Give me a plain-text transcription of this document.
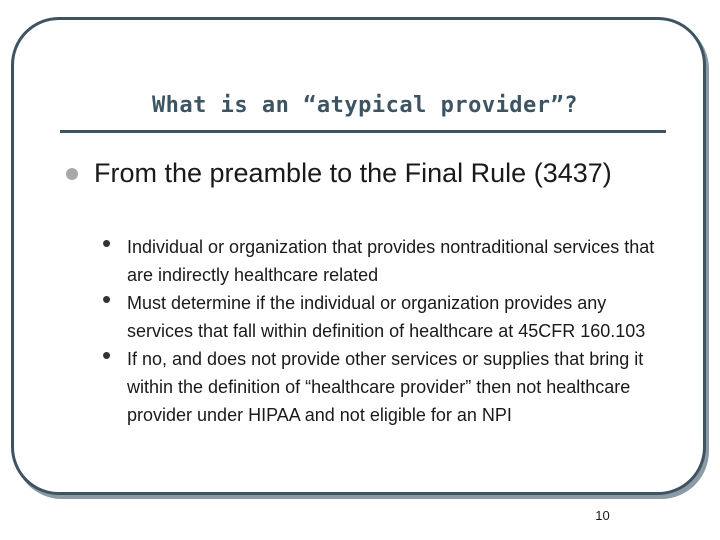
What is an “atypical provider”?
From the preamble to the Final Rule (3437)
• Individual or organization that provides nontraditional services that are indirectly healthcare related
• Must determine if the individual or organization provides any services that fall within definition of healthcare at 45CFR 160.103
• If no, and does not provide other services or supplies that bring it within the definition of “healthcare provider” then not healthcare provider under HIPAA and not eligible for an NPI
10
